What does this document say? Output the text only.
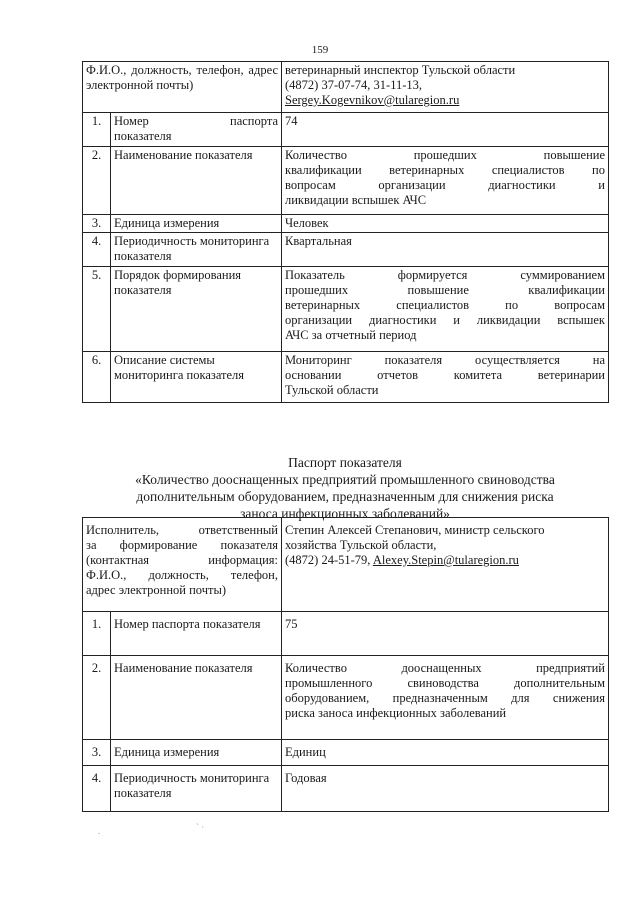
159
Ф.И.О., должность, телефон, адрес электронной почты)		ветеринарный инспектор Тульской области
(4872) 37-07-74, 31-11-13,
Sergey.Kogevnikov@tularegion.ru

1.	Номер паспорта
показателя	74
2.	Наименование показателя	Количество прошедших повышение
квалификации ветеринарных специалистов по
вопросам организации диагностики и
ликвидации вспышек АЧС

3.	Единица измерения	Человек
4.	Периодичность мониторинга показателя	Квартальная
5.	Порядок формирования показателя	Показатель формируется суммированием
прошедших повышение квалификации
ветеринарных специалистов по вопросам
организации диагностики и ликвидации вспышек
АЧС за отчетный период

6.	Описание системы мониторинга показателя	Мониторинг показателя осуществляется на
основании отчетов комитета ветеринарии
Тульской области
Паспорт показателя
«Количество дооснащенных предприятий промышленного свиноводства
дополнительным оборудованием, предназначенным для снижения риска
заноса инфекционных заболеваний»
Исполнитель, ответственный
за формирование показателя
(контактная информация:
Ф.И.О., должность, телефон,
адрес электронной почты)		Степин Алексей Степанович, министр сельского
хозяйства Тульской области,
(4872) 24-51-79, Alexey.Stepin@tularegion.ru

1.	Номер паспорта показателя	75
2.	Наименование показателя	Количество дооснащенных предприятий
промышленного свиноводства дополнительным
оборудованием, предназначенным для снижения
риска заноса инфекционных заболеваний

3.	Единица измерения	Единиц
4.	Периодичность мониторинга показателя	Годовая
` ·
.
